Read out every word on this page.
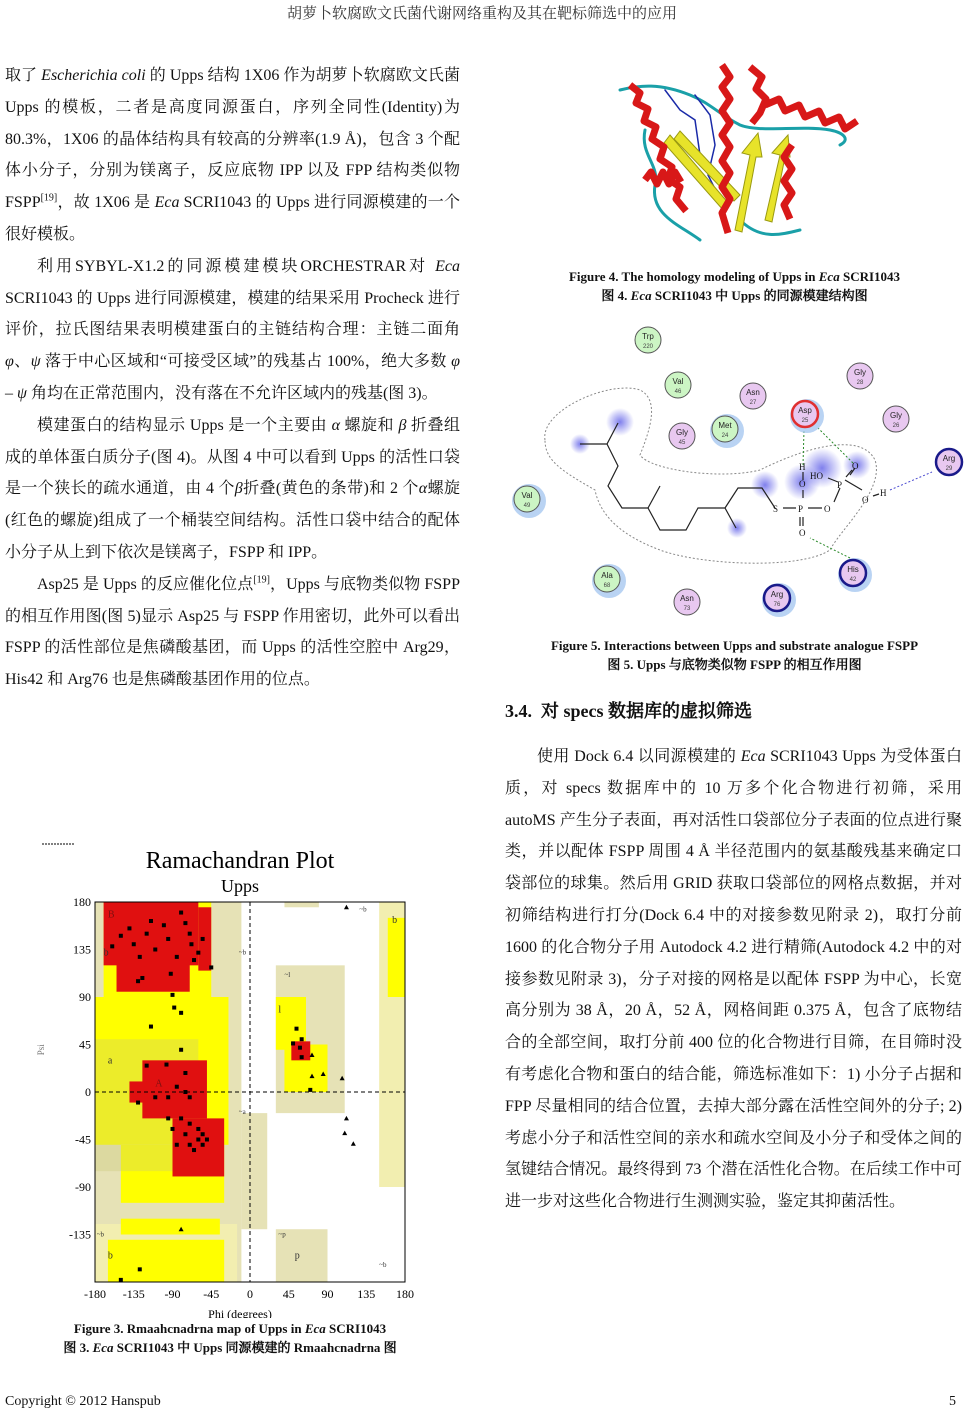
胡萝卜软腐欧文氏菌代谢网络重构及其在靶标筛选中的应用

取了 Escherichia coli 的 Upps 结构 1X06 作为胡萝卜软腐欧文氏菌 Upps 的模板，二者是高度同源蛋白，序列全同性(Identity)为 80.3%，1X06 的晶体结构具有较高的分辨率(1.9 Å)，包含 3 个配体小分子，分别为镁离子，反应底物 IPP 以及 FPP 结构类似物 FSPP[19]，故 1X06 是 Eca SCRI1043 的 Upps 进行同源模建的一个很好模板。

利用SYBYL-X1.2的同源模建模块ORCHESTRAR对 Eca SCRI1043 的 Upps 进行同源模建，模建的结果采用 Procheck 进行评价，拉氏图结果表明模建蛋白的主链结构合理：主链二面角 φ、ψ 落于中心区域和“可接受区域”的残基占 100%，绝大多数 φ – ψ 角均在正常范围内，没有落在不允许区域内的残基(图 3)。

模建蛋白的结构显示 Upps 是一个主要由 α 螺旋和 β 折叠组成的单体蛋白质分子(图 4)。从图 4 中可以看到 Upps 的活性口袋是一个狭长的疏水通道，由 4 个β折叠(黄色的条带)和 2 个α螺旋(红色的螺旋)组成了一个桶装空间结构。活性口袋中结合的配体小分子从上到下依次是镁离子，FSPP 和 IPP。

Asp25 是 Upps 的反应催化位点[19]，Upps 与底物类似物 FSPP 的相互作用图(图 5)显示 Asp25 与 FSPP 作用密切，此外可以看出 FSPP 的活性部位是焦磷酸基团，而 Upps 的活性空腔中 Arg29，His42 和 Arg76 也是焦磷酸基团作用的位点。

Ramachandran Plot
Upps
-180 -135 -90 -45 0 45 90 135 180
180
135
90
45
0
-45
-90
-135
Phi (degrees)
Psi
B
b	~b
~l
l
a
A
~a
~b
b
~p
p
~b
b
~b
Figure 3. Rmaahcnadrna map of Upps in Eca SCRI1043
图 3. Eca SCRI1043 中 Upps 同源模建的 Rmaahcnadrna 图
Figure 4. The homology modeling of Upps in Eca SCRI1043
图 4. Eca SCRI1043 中 Upps 的同源模建结构图
S P
P
O
O
O
O
O
H
H
HO
Trp
220
Val
46	Asn
27
Asp
25
Gly
28
Gly
26
Met
24
Gly
45
Arg
29
Val
49
His
42
Ala
68
Asn
73
Arg
76
Figure 5. Interactions between Upps and substrate analogue FSPP
图 5. Upps 与底物类似物 FSPP 的相互作用图
3.4. 对 specs 数据库的虚拟筛选

使用 Dock 6.4 以同源模建的 Eca SCRI1043 Upps 为受体蛋白质，对 specs 数据库中的 10 万多个化合物进行初筛，采用 autoMS 产生分子表面，再对活性口袋部位分子表面的位点进行聚类，并以配体 FSPP 周围 4 Å 半径范围内的氨基酸残基来确定口袋部位的球集。然后用 GRID 获取口袋部位的网格点数据，并对初筛结构进行打分(Dock 6.4 中的对接参数见附录 2)，取打分前 1600 的化合物分子用 Autodock 4.2 进行精筛(Autodock 4.2 中的对接参数见附录 3)，分子对接的网格是以配体 FSPP 为中心，长宽高分别为 38 Å，20 Å，52 Å，网格间距 0.375 Å，包含了底物结合的全部空间，取打分前 400 位的化合物进行目筛，在目筛时没有考虑化合物和蛋白的结合能，筛选标准如下：1) 小分子占据和 FPP 尽量相同的结合位置，去掉大部分露在活性空间外的分子; 2) 考虑小分子和活性空间的亲水和疏水空间及小分子和受体之间的氢键结合情况。最终得到 73 个潜在活性化合物。在后续工作中可进一步对这些化合物进行生测测实验，鉴定其抑菌活性。

Copyright © 2012 Hanspub	5
